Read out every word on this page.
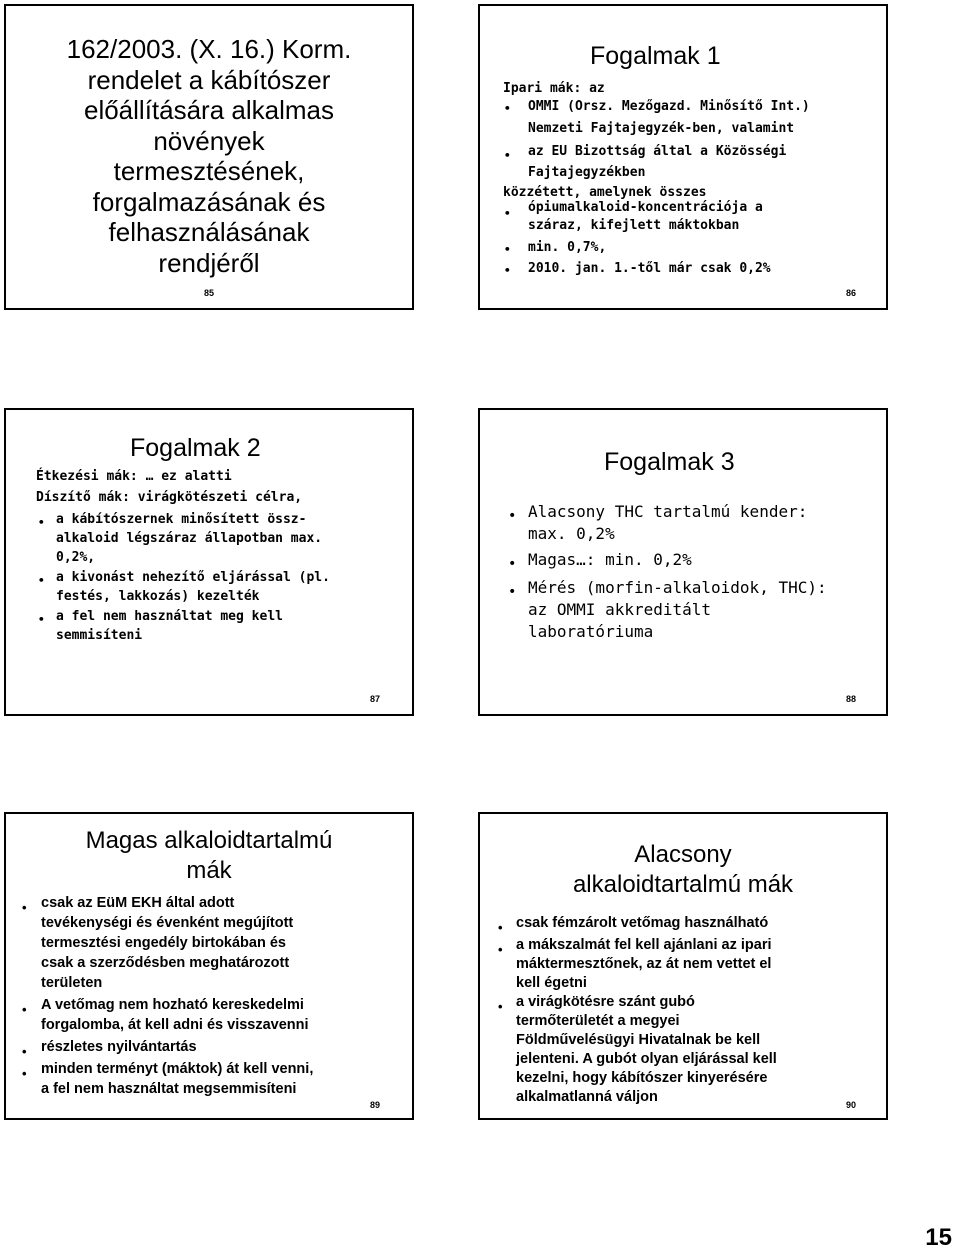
162/2003. (X. 16.) Korm.
rendelet a kábítószer
előállítására alkalmas
növények
termesztésének,
forgalmazásának és
felhasználásának
rendjéről
85
Fogalmak 1
Ipari mák: az
• OMMI (Orsz. Mezőgazd. Minősítő Int.)
Nemzeti Fajtajegyzék-ben, valamint
• az EU Bizottság által a Közösségi
Fajtajegyzékben
közzétett, amelynek összes
• ópiumalkaloid-koncentrációja a
száraz, kifejlett máktokban
• min. 0,7%,
• 2010. jan. 1.-től már csak 0,2%
86
Fogalmak 2
Étkezési mák: … ez alatti
Díszítő mák: virágkötészeti célra,
• a kábítószernek minősített össz-
alkaloid légszáraz állapotban max.
0,2%,
• a kivonást nehezítő eljárással (pl.
festés, lakkozás) kezelték
• a fel nem használtat meg kell
semmisíteni
87
Fogalmak 3
• Alacsony THC tartalmú kender:
max. 0,2%
• Magas…: min. 0,2%
• Mérés (morfin-alkaloidok, THC):
az OMMI akkreditált
laboratóriuma
88
Magas alkaloidtartalmú
mák
• csak az EüM EKH által adott
tevékenységi és évenként megújított
termesztési engedély birtokában és
csak a szerződésben meghatározott
területen
• A vetőmag nem hozható kereskedelmi
forgalomba, át kell adni és visszavenni
• részletes nyilvántartás
• minden terményt (máktok) át kell venni,
a fel nem használtat megsemmisíteni
89
Alacsony
alkaloidtartalmú mák
• csak fémzárolt vetőmag használható
• a mákszalmát fel kell ajánlani az ipari
máktermesztőnek, az át nem vettet el
kell égetni
• a virágkötésre szánt gubó
termőterületét a megyei
Földművelésügyi Hivatalnak be kell
jelenteni. A gubót olyan eljárással kell
kezelni, hogy kábítószer kinyerésére
alkalmatlanná váljon	90
15
